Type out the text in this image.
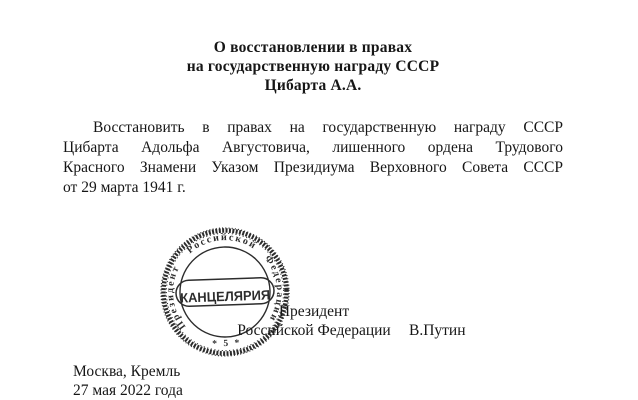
О восстановлении в правах
на государственную награду СССР
Цибарта А.А.
Восстановить в правах на государственную награду СССР
Цибарта Адольфа Августовича, лишенного ордена Трудового
Красного Знамени Указом Президиума Верховного Совета СССР
от 29 марта 1941 г.
Президент
Российской Федерации	В.Путин
Москва, Кремль
27 мая 2022 года
Президент
Российской
Федерации
* 5 *
КАНЦЕЛЯРИЯ
